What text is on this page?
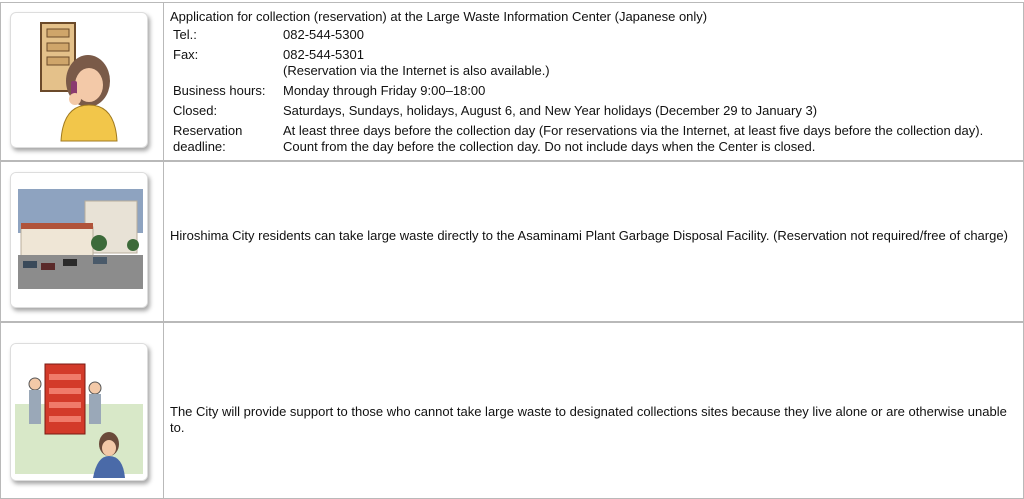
Application for collection (reservation) at the Large Waste Information Center (Japanese only)
Tel.:	082-544-5300
Fax:	082-544-5301
(Reservation via the Internet is also available.)
Business hours:	Monday through Friday 9:00–18:00
Closed:	Saturdays, Sundays, holidays, August 6, and New Year holidays (December 29 to January 3)
Reservation deadline:
At least three days before the collection day (For reservations via the Internet, at least five days before the collection day). Count from the day before the collection day. Do not include days when the Center is closed.
Hiroshima City residents can take large waste directly to the Asaminami Plant Garbage Disposal Facility. (Reservation not required/free of charge)
The City will provide support to those who cannot take large waste to designated collections sites because they live alone or are otherwise unable to.
